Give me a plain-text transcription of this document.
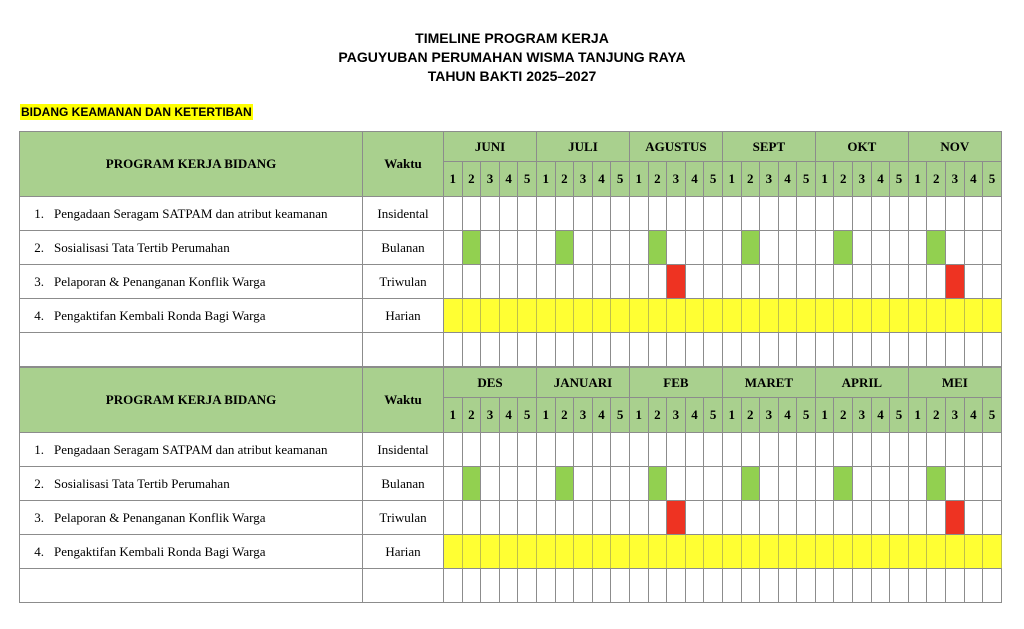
TIMELINE PROGRAM KERJA
PAGUYUBAN PERUMAHAN WISMA TANJUNG RAYA
TAHUN BAKTI 2025–2027
BIDANG KEAMANAN DAN KETERTIBAN
PROGRAM KERJA BIDANG	Waktu	JUNI					JULI					AGUSTUS					SEPT					OKT					NOV				
		1	2	3	4	5	1	2	3	4	5	1	2	3	4	5	1	2	3	4	5	1	2	3	4	5	1	2	3	4	5
1. Pengadaan Seragam SATPAM dan atribut keamanan	Insidental																														
2. Sosialisasi Tata Tertib Perumahan	Bulanan																														
3. Pelaporan & Penanganan Konflik Warga	Triwulan																														
4. Pengaktifan Kembali Ronda Bagi Warga	Harian																														

PROGRAM KERJA BIDANG	Waktu	DES					JANUARI					FEB					MARET					APRIL					MEI				
		1	2	3	4	5	1	2	3	4	5	1	2	3	4	5	1	2	3	4	5	1	2	3	4	5	1	2	3	4	5
1. Pengadaan Seragam SATPAM dan atribut keamanan	Insidental																														
2. Sosialisasi Tata Tertib Perumahan	Bulanan																														
3. Pelaporan & Penanganan Konflik Warga	Triwulan																														
4. Pengaktifan Kembali Ronda Bagi Warga	Harian																														
